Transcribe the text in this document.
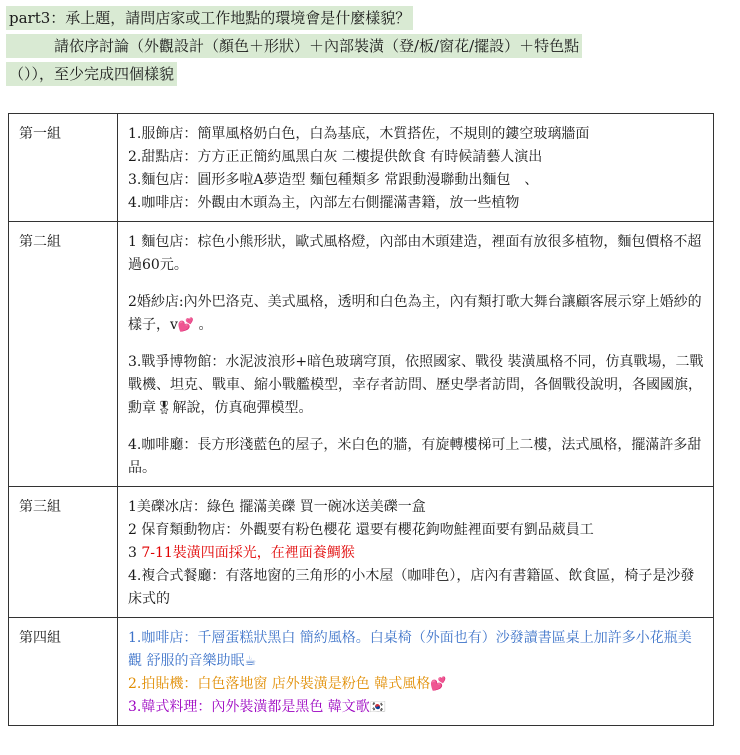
part3：承上題，請問店家或工作地點的環境會是什麼樣貌？
　　　請依序討論（外觀設計（顏色＋形狀）＋內部裝潢（登/板/窗花/擺設）＋特色點
（）），至少完成四個樣貌
第一組	1.服飾店：簡單風格奶白色，白為基底，木質搭佐，不規則的鏤空玻璃牆面

2.甜點店：方方正正簡約風黑白灰 二樓提供飲食 有時候請藝人演出

3.麵包店：圓形多啦A夢造型 麵包種類多 常跟動漫聯動出麵包　、

4.咖啡店：外觀由木頭為主，內部左右側擺滿書籍，放一些植物

第二組	1 麵包店：棕色小熊形狀，歐式風格燈，內部由木頭建造，裡面有放很多植物，麵包價格不超過60元。

2婚紗店:內外巴洛克、美式風格，透明和白色為主，內有類打歌大舞台讓顧客展示穿上婚紗的樣子，v💕 。

3.戰爭博物館：水泥波浪形+暗色玻璃穹頂，依照國家、戰役 裝潢風格不同，仿真戰場，二戰戰機、坦克、戰車、縮小戰艦模型，幸存者訪問、歷史學者訪問，各個戰役說明，各國國旗，勳章🎖解說，仿真砲彈模型。

4.咖啡廳：長方形淺藍色的屋子，米白色的牆，有旋轉樓梯可上二樓，法式風格，擺滿許多甜品。

第三組	1美礫冰店：綠色 擺滿美礫 買一碗冰送美礫一盒

2 保育類動物店：外觀要有粉色櫻花 還要有櫻花鉤吻鮭裡面要有劉品葳員工

3 7-11裝潢四面採光，在裡面養鯛猴

4.複合式餐廳：有落地窗的三角形的小木屋（咖啡色），店內有書籍區、飲食區，椅子是沙發床式的

第四組	1.咖啡店：千層蛋糕狀黑白 簡約風格。白桌椅（外面也有）沙發讀書區桌上加許多小花瓶美觀 舒服的音樂助眠☕

2.拍貼機：白色落地窗 店外裝潢是粉色 韓式風格💕

3.韓式料理：內外裝潢都是黑色 韓文歌🇰🇷
